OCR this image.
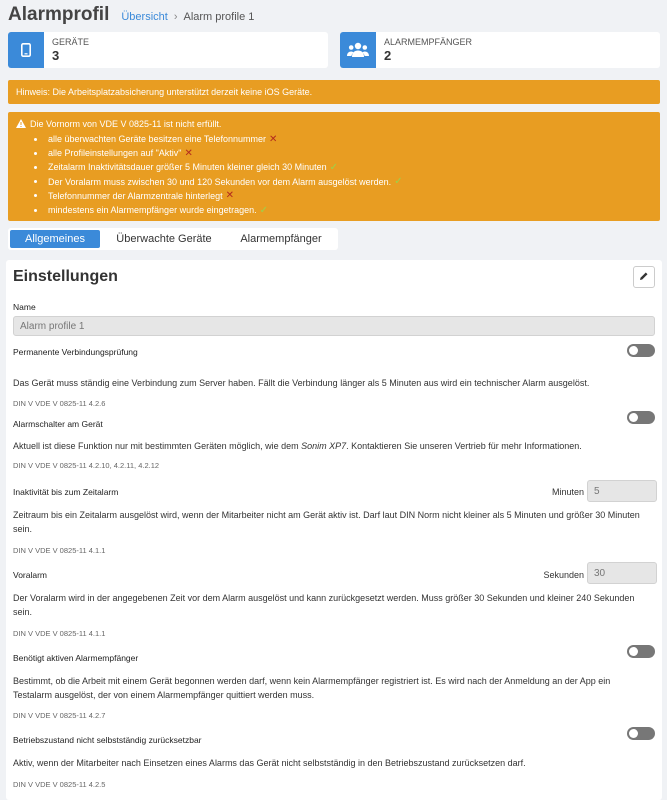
Alarmprofil Übersicht › Alarm profile 1
GERÄTE
3
ALARMEMPFÄNGER
2
Hinweis: Die Arbeitsplatzabsicherung unterstützt derzeit keine iOS Geräte.
Die Vornorm von VDE V 0825-11 ist nicht erfüllt.
alle überwachten Geräte besitzen eine Telefonnummer ✕
alle Profileinstellungen auf "Aktiv" ✕
Zeitalarm Inaktivitätsdauer größer 5 Minuten kleiner gleich 30 Minuten ✓
Der Voralarm muss zwischen 30 und 120 Sekunden vor dem Alarm ausgelöst werden. ✓
Telefonnummer der Alarmzentrale hinterlegt ✕
mindestens ein Alarmempfänger wurde eingetragen. ✓
Allgemeines	Überwachte Geräte	Alarmempfänger
Einstellungen
Name
Alarm profile 1
Permanente Verbindungsprüfung
Das Gerät muss ständig eine Verbindung zum Server haben. Fällt die Verbindung länger als 5 Minuten aus wird ein technischer Alarm ausgelöst.
DIN V VDE V 0825-11 4.2.6
Alarmschalter am Gerät
Aktuell ist diese Funktion nur mit bestimmten Geräten möglich, wie dem Sonim XP7. Kontaktieren Sie unseren Vertrieb für mehr Informationen.
DIN V VDE V 0825-11 4.2.10, 4.2.11, 4.2.12
Inaktivität bis zum Zeitalarm	Minuten
5
Zeitraum bis ein Zeitalarm ausgelöst wird, wenn der Mitarbeiter nicht am Gerät aktiv ist. Darf laut DIN Norm nicht kleiner als 5 Minuten und größer 30 Minuten sein.
DIN V VDE V 0825-11 4.1.1
Voralarm	Sekunden
30
Der Voralarm wird in der angegebenen Zeit vor dem Alarm ausgelöst und kann zurückgesetzt werden. Muss größer 30 Sekunden und kleiner 240 Sekunden sein.
DIN V VDE V 0825-11 4.1.1
Benötigt aktiven Alarmempfänger
Bestimmt, ob die Arbeit mit einem Gerät begonnen werden darf, wenn kein Alarmempfänger registriert ist. Es wird nach der Anmeldung an der App ein Testalarm ausgelöst, der von einem Alarmempfänger quittiert werden muss.
DIN V VDE V 0825-11 4.2.7
Betriebszustand nicht selbstständig zurücksetzbar
Aktiv, wenn der Mitarbeiter nach Einsetzen eines Alarms das Gerät nicht selbstständig in den Betriebszustand zurücksetzen darf.
DIN V VDE V 0825-11 4.2.5
